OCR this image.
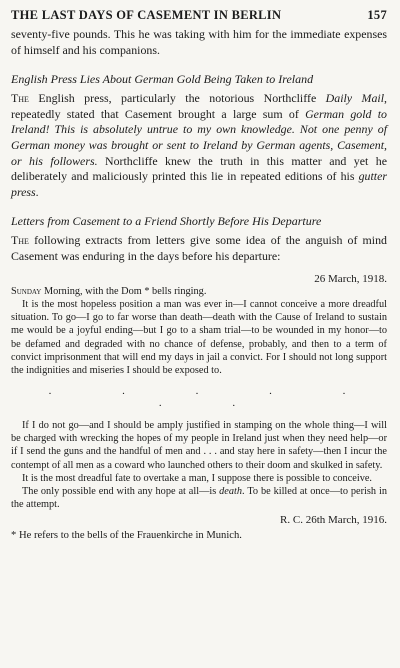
THE LAST DAYS OF CASEMENT IN BERLIN	157

seventy-five pounds. This he was taking with him for the immediate expenses of himself and his companions.

English Press Lies About German Gold Being Taken to Ireland

The English press, particularly the notorious Northcliffe Daily Mail, repeatedly stated that Casement brought a large sum of German gold to Ireland! This is absolutely untrue to my own knowledge. Not one penny of German money was brought or sent to Ireland by German agents, Casement, or his followers. Northcliffe knew the truth in this matter and yet he deliberately and maliciously printed this lie in repeated editions of his gutter press.

Letters from Casement to a Friend Shortly Before His Departure

The following extracts from letters give some idea of the anguish of mind Casement was enduring in the days before his departure:

26 March, 1918.

Sunday Morning, with the Dom * bells ringing.

It is the most hopeless position a man was ever in—I cannot conceive a more dreadful situation. To go—I go to far worse than death—death with the Cause of Ireland to sustain me would be a joyful ending—but I go to a sham trial—to be wounded in my honor—to be defamed and degraded with no chance of defense, probably, and then to a term of convict imprisonment that will end my days in jail a convict. For I should not long support the indignities and miseries I should be exposed to.

. . . . . . .

If I do not go—and I should be amply justified in stamping on the whole thing—I will be charged with wrecking the hopes of my people in Ireland just when they need help—or if I send the guns and the handful of men and . . . and stay here in safety—then I incur the contempt of all men as a coward who launched others to their doom and skulked in safety.

It is the most dreadful fate to overtake a man, I suppose there is possible to conceive.

The only possible end with any hope at all—is death. To be killed at once—to perish in the attempt.

R. C. 26th March, 1916.
* He refers to the bells of the Frauenkirche in Munich.
